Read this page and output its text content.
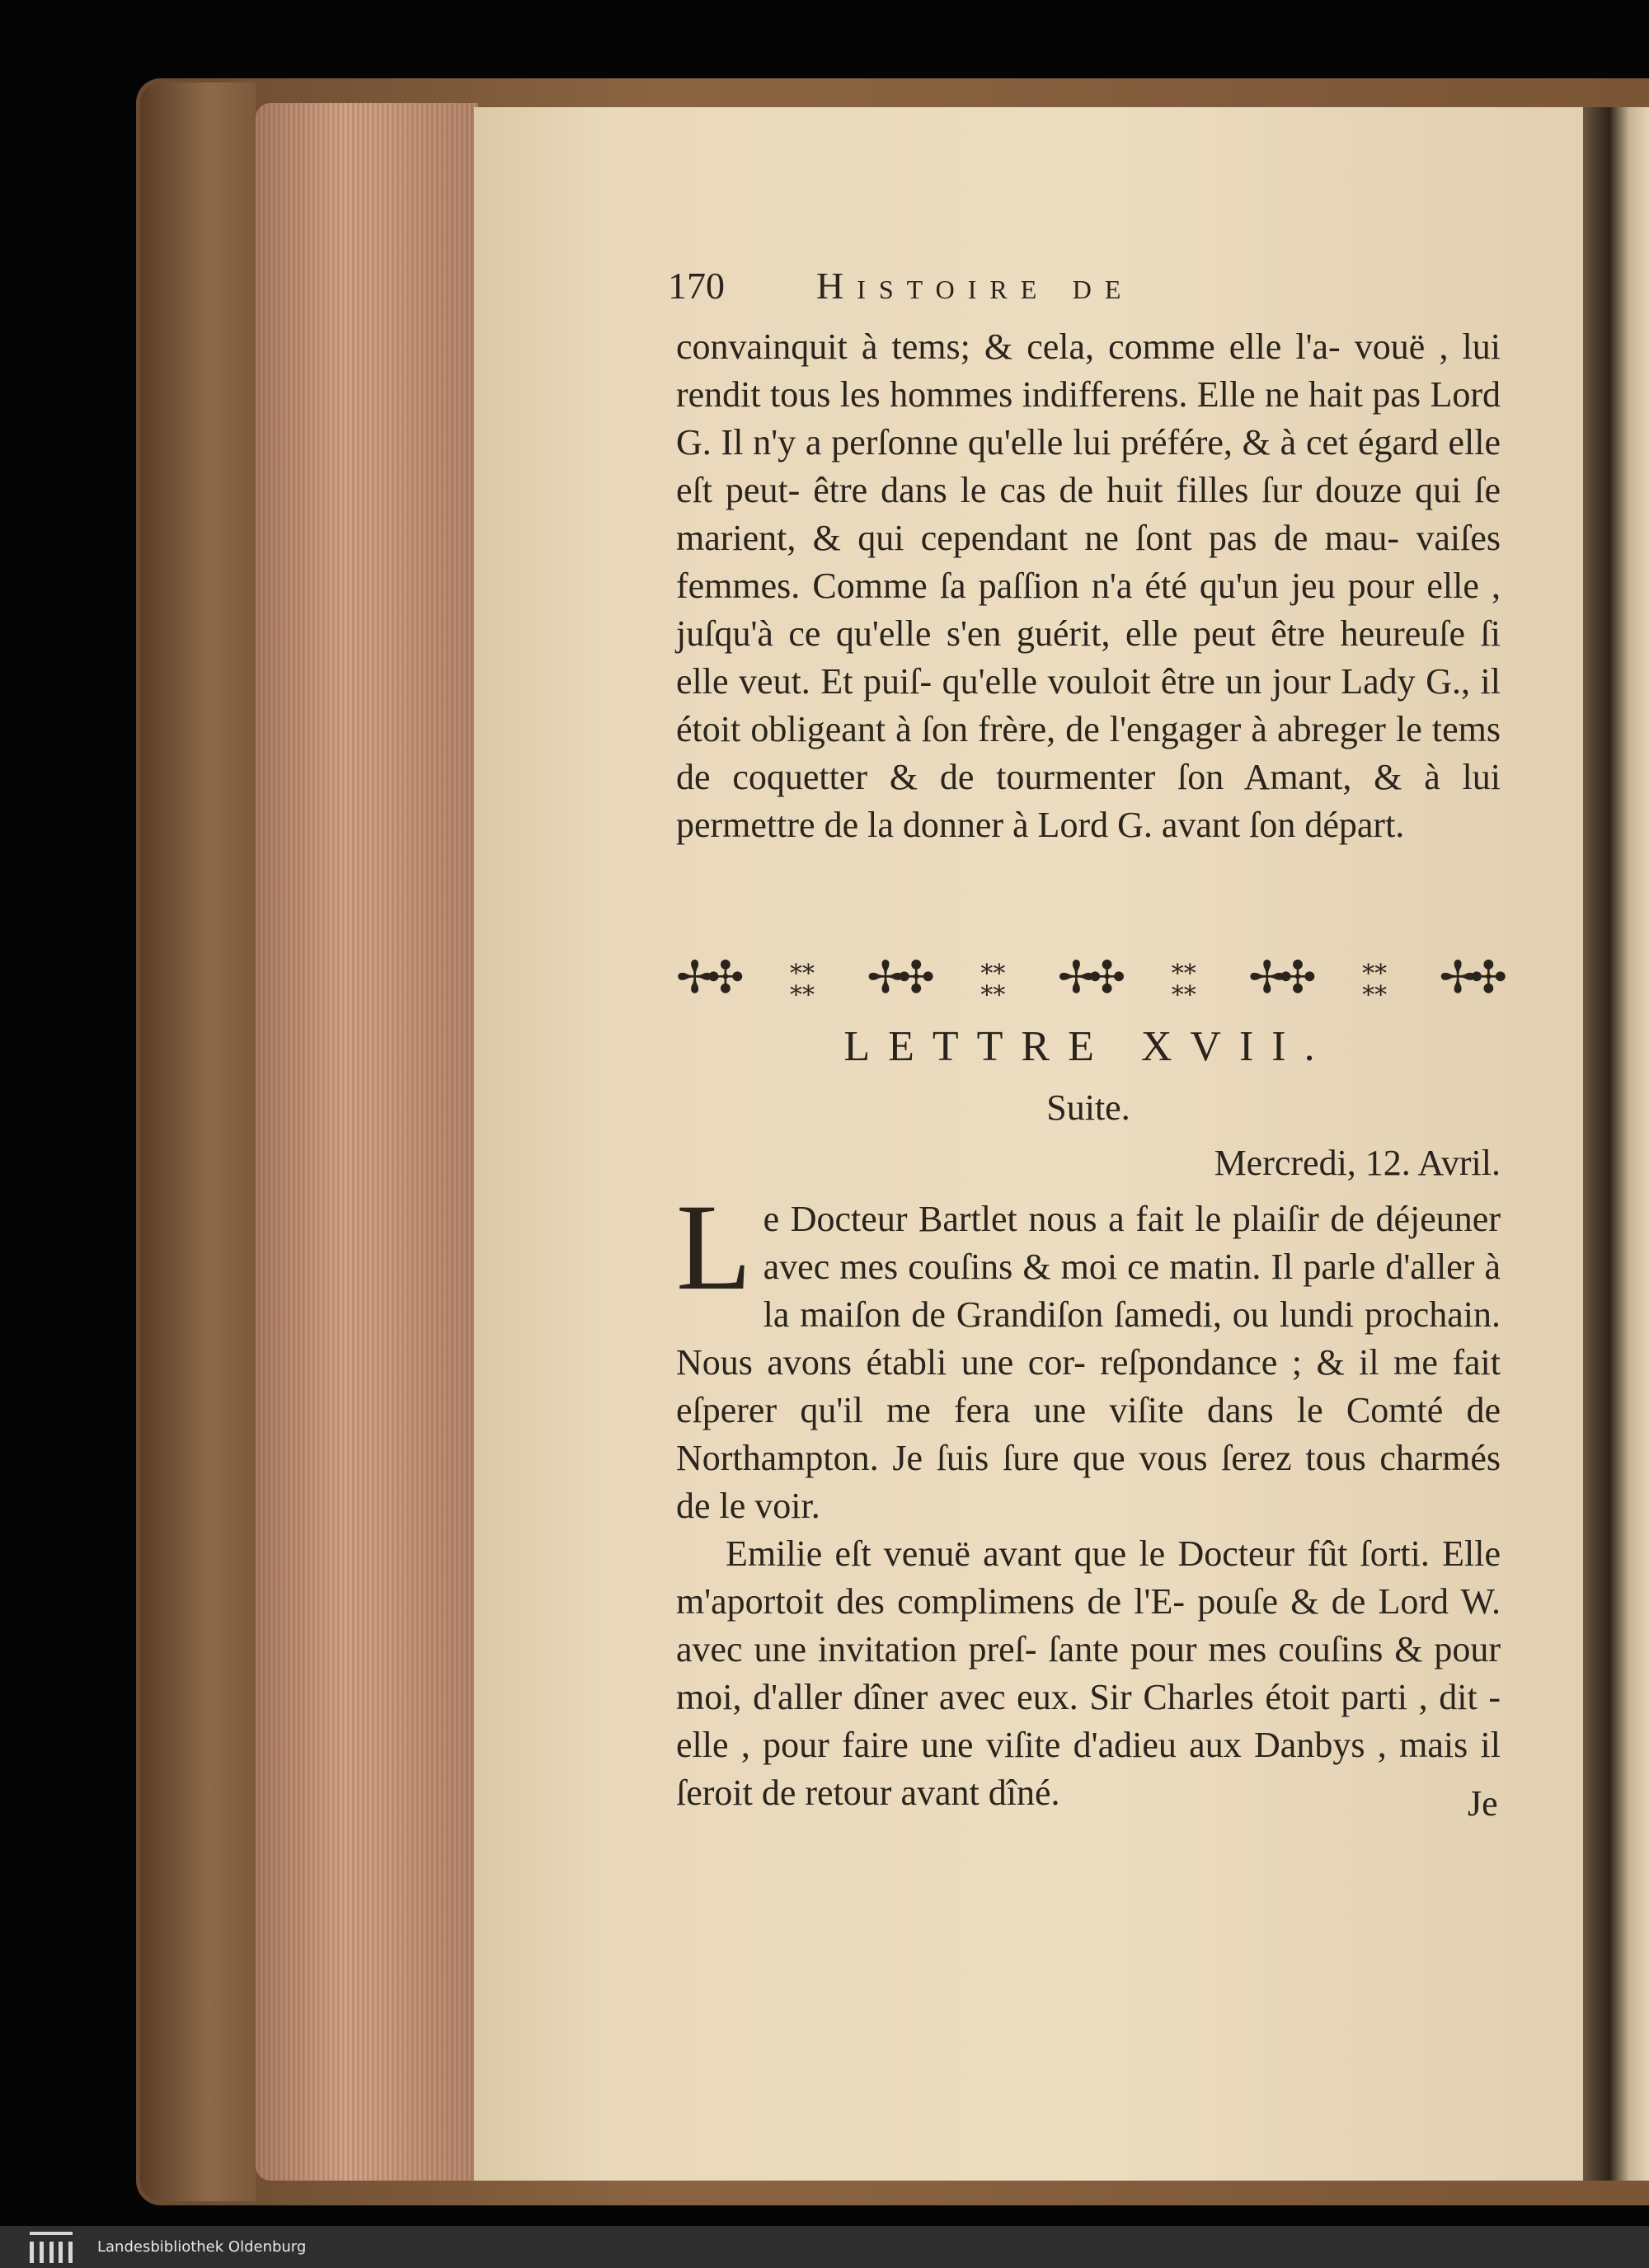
170 Histoire de

convainquit à tems; & cela, comme elle l'a- vouë , lui rendit tous les hommes indifferens. Elle ne hait pas Lord G. Il n'y a perſonne qu'elle lui préfére, & à cet égard elle eſt peut- être dans le cas de huit filles ſur douze qui ſe marient, & qui cependant ne ſont pas de mau- vaiſes femmes. Comme ſa paſſion n'a été qu'un jeu pour elle , juſqu'à ce qu'elle s'en guérit, elle peut être heureuſe ſi elle veut. Et puiſ- qu'elle vouloit être un jour Lady G., il étoit obligeant à ſon frère, de l'engager à abreger le tems de coquetter & de tourmenter ſon Amant, & à lui permettre de la donner à Lord G. avant ſon départ.

✢✣	⁎⁎
⁎⁎ ✢✣	⁎⁎
⁎⁎ ✢✣	⁎⁎
⁎⁎ ✢✣	⁎⁎
⁎⁎ ✢✣
LETTRE XVII.
Suite.
Mercredi, 12. Avril.

Le Docteur Bartlet nous a fait le plaiſir de déjeuner avec mes couſins & moi ce matin. Il parle d'aller à la maiſon de Grandiſon ſamedi, ou lundi prochain. Nous avons établi une cor- reſpondance ; & il me fait eſperer qu'il me fera une viſite dans le Comté de Northampton. Je ſuis ſure que vous ſerez tous charmés de le voir.

Emilie eſt venuë avant que le Docteur fût ſorti. Elle m'aportoit des complimens de l'E- pouſe & de Lord W. avec une invitation preſ- ſante pour mes couſins & pour moi, d'aller dîner avec eux. Sir Charles étoit parti , dit - elle , pour faire une viſite d'adieu aux Danbys , mais il ſeroit de retour avant dîné.	Je
Landesbibliothek Oldenburg
